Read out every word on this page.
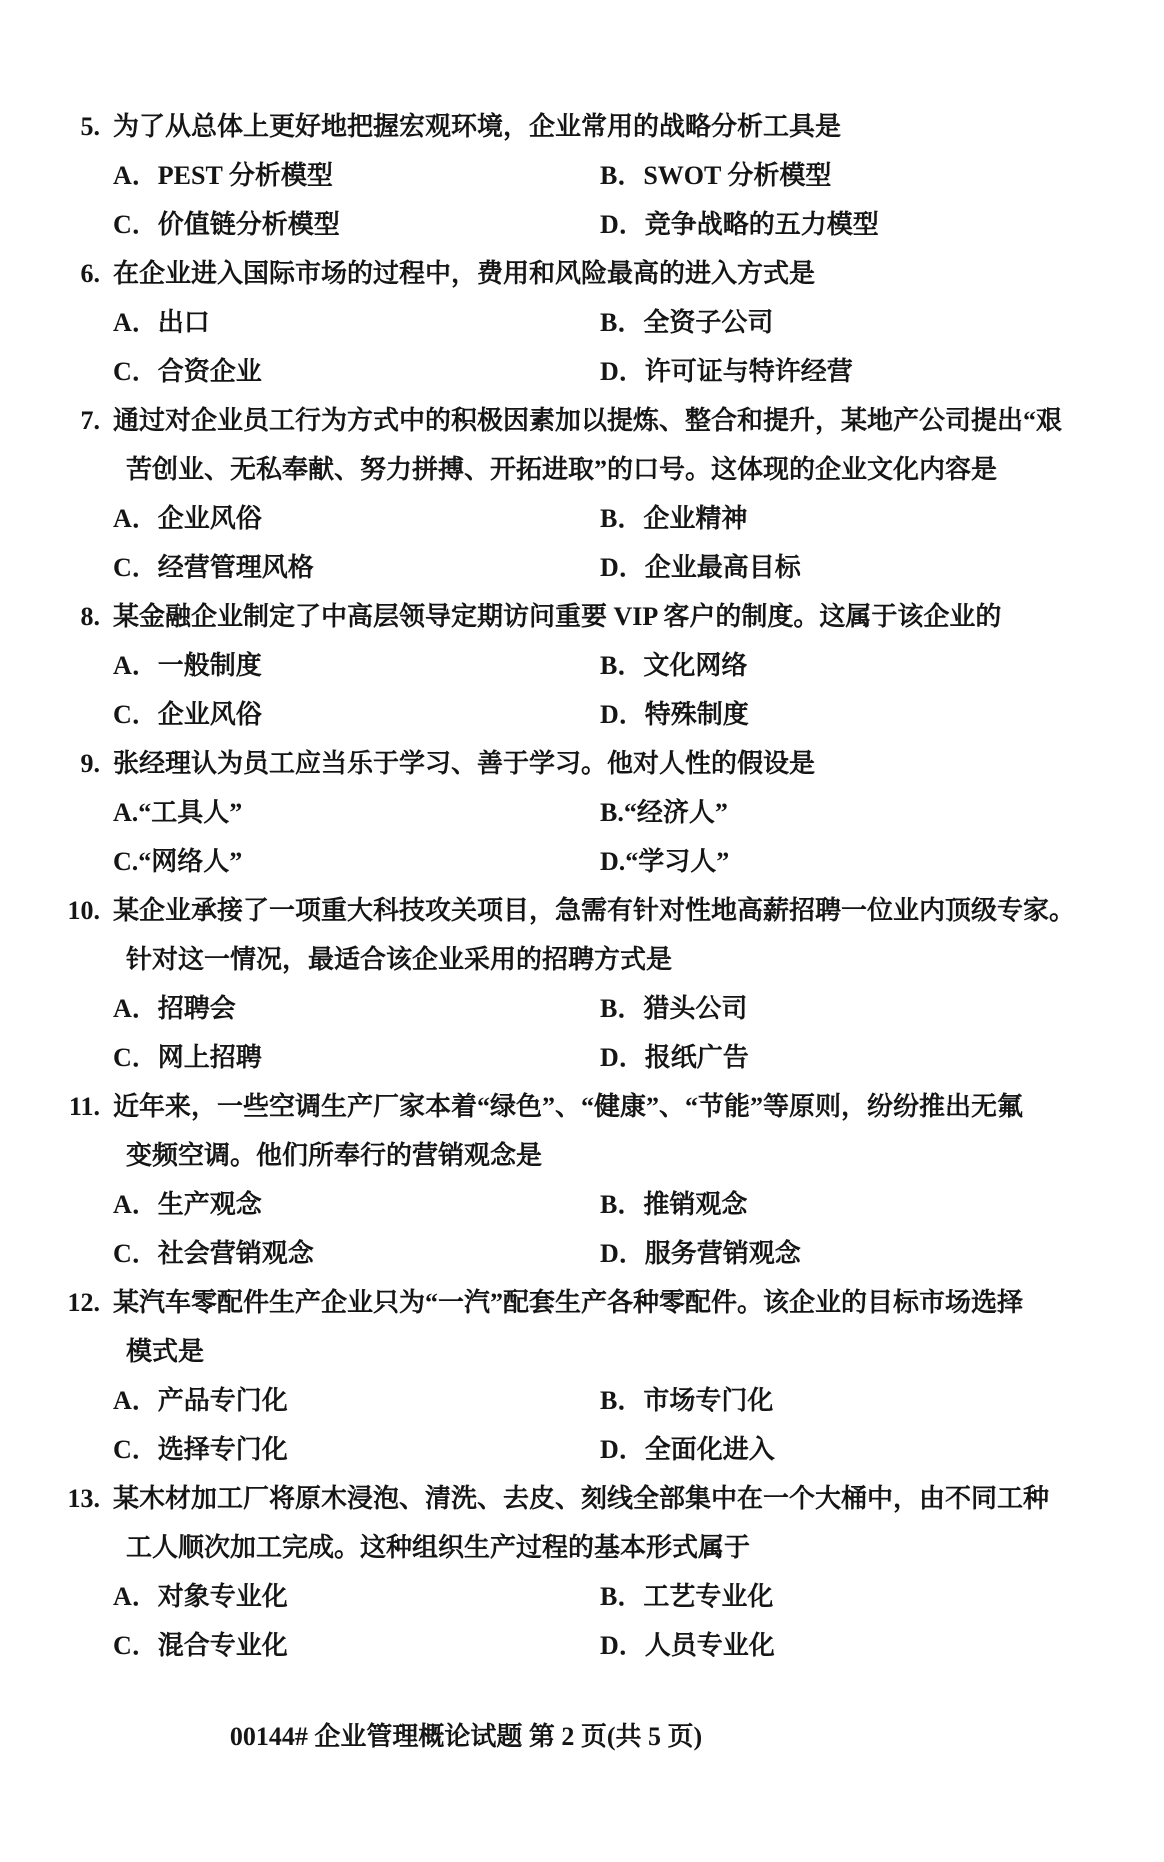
5. 为了从总体上更好地把握宏观环境，企业常用的战略分析工具是
A．PEST 分析模型	B．SWOT 分析模型
C．价值链分析模型	D．竞争战略的五力模型
6. 在企业进入国际市场的过程中，费用和风险最高的进入方式是
A．出口	B．全资子公司
C．合资企业	D．许可证与特许经营
7. 通过对企业员工行为方式中的积极因素加以提炼、整合和提升，某地产公司提出“艰
苦创业、无私奉献、努力拼搏、开拓进取”的口号。这体现的企业文化内容是
A．企业风俗	B．企业精神
C．经营管理风格	D．企业最高目标
8. 某金融企业制定了中高层领导定期访问重要 VIP 客户的制度。这属于该企业的
A．一般制度	B．文化网络
C．企业风俗	D．特殊制度
9. 张经理认为员工应当乐于学习、善于学习。他对人性的假设是
A.“工具人”	B.“经济人”
C.“网络人”	D.“学习人”
10. 某企业承接了一项重大科技攻关项目，急需有针对性地高薪招聘一位业内顶级专家。
针对这一情况，最适合该企业采用的招聘方式是
A．招聘会	B．猎头公司
C．网上招聘	D．报纸广告
11. 近年来，一些空调生产厂家本着“绿色”、“健康”、“节能”等原则，纷纷推出无氟
变频空调。他们所奉行的营销观念是
A．生产观念	B．推销观念
C．社会营销观念	D．服务营销观念
12. 某汽车零配件生产企业只为“一汽”配套生产各种零配件。该企业的目标市场选择
模式是
A．产品专门化	B．市场专门化
C．选择专门化	D．全面化进入
13. 某木材加工厂将原木浸泡、清洗、去皮、刻线全部集中在一个大桶中，由不同工种
工人顺次加工完成。这种组织生产过程的基本形式属于
A．对象专业化	B．工艺专业化
C．混合专业化	D．人员专业化
00144# 企业管理概论试题 第 2 页(共 5 页)
